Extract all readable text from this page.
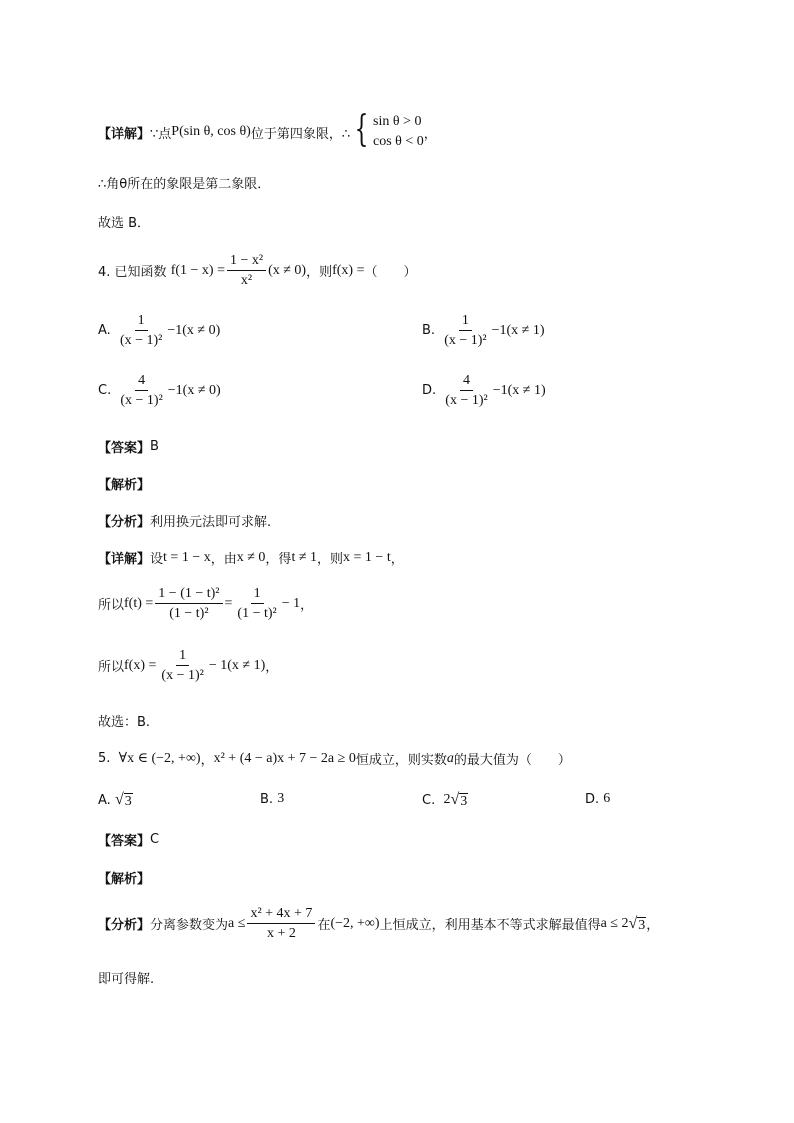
【详解】 ∵点 P(sin θ, cos θ) 位于第四象限，∴ { sin θ > 0
cos θ < 0 ，
∴角θ所在的象限是第二象限．
故选 B．
4. 已知函数
$f(1 - x) = \frac{\text{1 − x²}}{\text{x²}} (x \ne 0)$ ，则 f(x) = （　　）
A.
$\frac{1}{\text{(x − 1)²}} -1(x \ne 0)$	B.
$\frac{1}{\text{(x − 1)²}} -1(x \ne 1)$
C.
$\frac{4}{\text{(x − 1)²}} -1(x \ne 0)$	D.
$\frac{4}{\text{(x − 1)²}} -1(x \ne 1)$
【答案】 B
【解析】
【分析】 利用换元法即可求解.
【详解】 设 t = 1 − x ，由 x ≠ 0 ，得 t ≠ 1 ，则 x = 1 − t ，
所以 $f(t) = \frac{\text{1 − (1 − t)²}}{\text{(1 − t)²}} = \frac{1}{\text{(1 − t)²}} - 1$ ，
所以 $f(x) = \frac{1}{\text{(x − 1)²}} - 1(x \ne 1)$ ，
故选：B.
5.
∀x ∈ (−2, +∞) ， x² + (4 − a)x + 7 − 2a ≥ 0 恒成立，则实数 a 的最大值为（　　）
A.
√ 3	B.
3	C.
2 √ 3	D.
6
【答案】 C
【解析】
【分析】 分离参数变为 $a \le \frac{\text{x² + 4x + 7}}{x + 2}$ 在 (−2, +∞) 上恒成立，利用基本不等式求解最值得 a ≤ 2 √ 3 ，
即可得解.
